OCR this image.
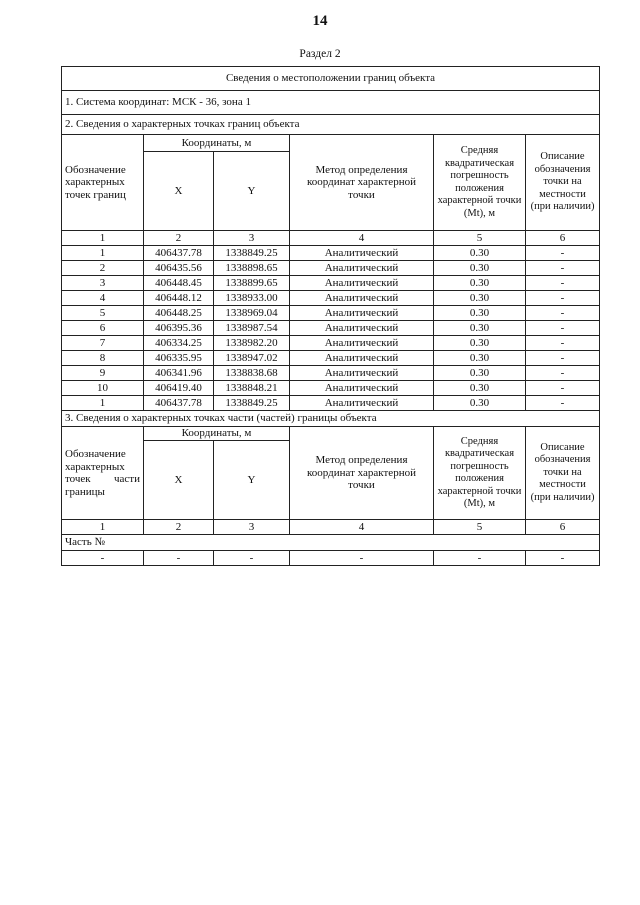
14
Раздел 2
Сведения о местоположении границ объекта					
1. Система координат: МСК - 36, зона 1					
2. Сведения о характерных точках границ объекта					
Обозначение характерных точек границ	Координаты, м		Метод определения координат характерной точки	Средняя квадратическая погрешность положения характерной точки (Mt), м	Описание обозначения точки на местности (при наличии)
	X	Y			
1	2	3	4	5	6
1	406437.78	1338849.25	Аналитический	0.30	-
2	406435.56	1338898.65	Аналитический	0.30	-
3	406448.45	1338899.65	Аналитический	0.30	-
4	406448.12	1338933.00	Аналитический	0.30	-
5	406448.25	1338969.04	Аналитический	0.30	-
6	406395.36	1338987.54	Аналитический	0.30	-
7	406334.25	1338982.20	Аналитический	0.30	-
8	406335.95	1338947.02	Аналитический	0.30	-
9	406341.96	1338838.68	Аналитический	0.30	-
10	406419.40	1338848.21	Аналитический	0.30	-
1	406437.78	1338849.25	Аналитический	0.30	-
3. Сведения о характерных точках части (частей) границы объекта					

Обозначение
характерных
точек части
границы	Координаты, м		Метод определения координат характерной точки	Средняя квадратическая погрешность положения характерной точки (Mt), м	Описание обозначения точки на местности (при наличии)
	X	Y			
1	2	3	4	5	6
Часть №					
-	-	-	-	-	-
